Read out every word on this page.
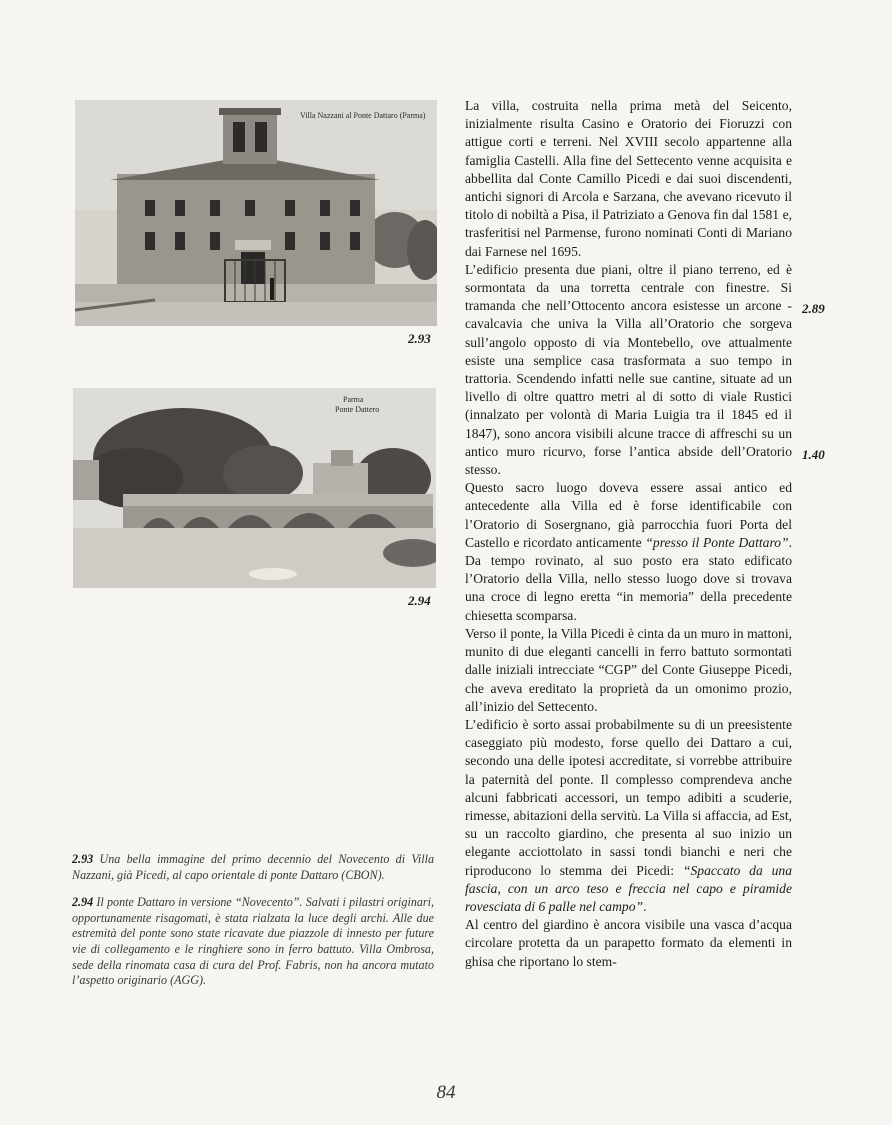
Villa Nazzani al Ponte Dattaro (Parma)
2.93
Parma
Ponte Dattero
2.94

2.93 Una bella immagine del primo decennio del Novecento di Villa Nazzani, già Picedi, al capo orientale di ponte Dattaro (CBON).

2.94 Il ponte Dattaro in versione “Novecento”. Salvati i pilastri originari, opportunamente risagomati, è stata rialzata la luce degli archi. Alle due estremità del ponte sono state ricavate due piazzole di innesto per future vie di collegamento e le ringhiere sono in ferro battuto. Villa Ombrosa, sede della rinomata casa di cura del Prof. Fabris, non ha ancora mutato l’aspetto originario (AGG).

La villa, costruita nella prima metà del Seicento, inizialmente risulta Casino e Oratorio dei Fioruzzi con attigue corti e terreni. Nel XVIII secolo appartenne alla famiglia Castelli. Alla fine del Settecento venne acquisita e abbellita dal Conte Camillo Picedi e dai suoi discendenti, antichi signori di Arcola e Sarzana, che avevano ricevuto il titolo di nobiltà a Pisa, il Patriziato a Genova fin dal 1581 e, trasferitisi nel Parmense, furono nominati Conti di Mariano dai Farnese nel 1695.

L’edificio presenta due piani, oltre il piano terreno, ed è sormontata da una torretta centrale con finestre. Si tramanda che nell’Ottocento ancora esistesse un arcone - cavalcavia che univa la Villa all’Oratorio che sorgeva sull’angolo opposto di via Montebello, ove attualmente esiste una semplice casa trasformata a suo tempo in trattoria. Scendendo infatti nelle sue cantine, situate ad un livello di oltre quattro metri al di sotto di viale Rustici (innalzato per volontà di Maria Luigia tra il 1845 ed il 1847), sono ancora visibili alcune tracce di affreschi su un antico muro ricurvo, forse l’antica abside dell’Oratorio stesso.

Questo sacro luogo doveva essere assai antico ed antecedente alla Villa ed è forse identificabile con l’Oratorio di Sosergnano, già parrocchia fuori Porta del Castello e ricordato anticamente “presso il Ponte Dattaro”. Da tempo rovinato, al suo posto era stato edificato l’Oratorio della Villa, nello stesso luogo dove si trovava una croce di legno eretta “in memoria” della precedente chiesetta scomparsa.

Verso il ponte, la Villa Picedi è cinta da un muro in mattoni, munito di due eleganti cancelli in ferro battuto sormontati dalle iniziali intrecciate “CGP” del Conte Giuseppe Picedi, che aveva ereditato la proprietà da un omonimo prozio, all’inizio del Settecento.

L’edificio è sorto assai probabilmente su di un preesistente caseggiato più modesto, forse quello dei Dattaro a cui, secondo una delle ipotesi accreditate, si vorrebbe attribuire la paternità del ponte. Il complesso comprendeva anche alcuni fabbricati accessori, un tempo adibiti a scuderie, rimesse, abitazioni della servitù. La Villa si affaccia, ad Est, su un raccolto giardino, che presenta al suo inizio un elegante acciottolato in sassi tondi bianchi e neri che riproducono lo stemma dei Picedi: “Spaccato da una fascia, con un arco teso e freccia nel capo e piramide rovesciata di 6 palle nel campo”.

Al centro del giardino è ancora visibile una vasca d’acqua circolare protetta da un parapetto formato da elementi in ghisa che riportano lo stem-

2.89
1.40
84
